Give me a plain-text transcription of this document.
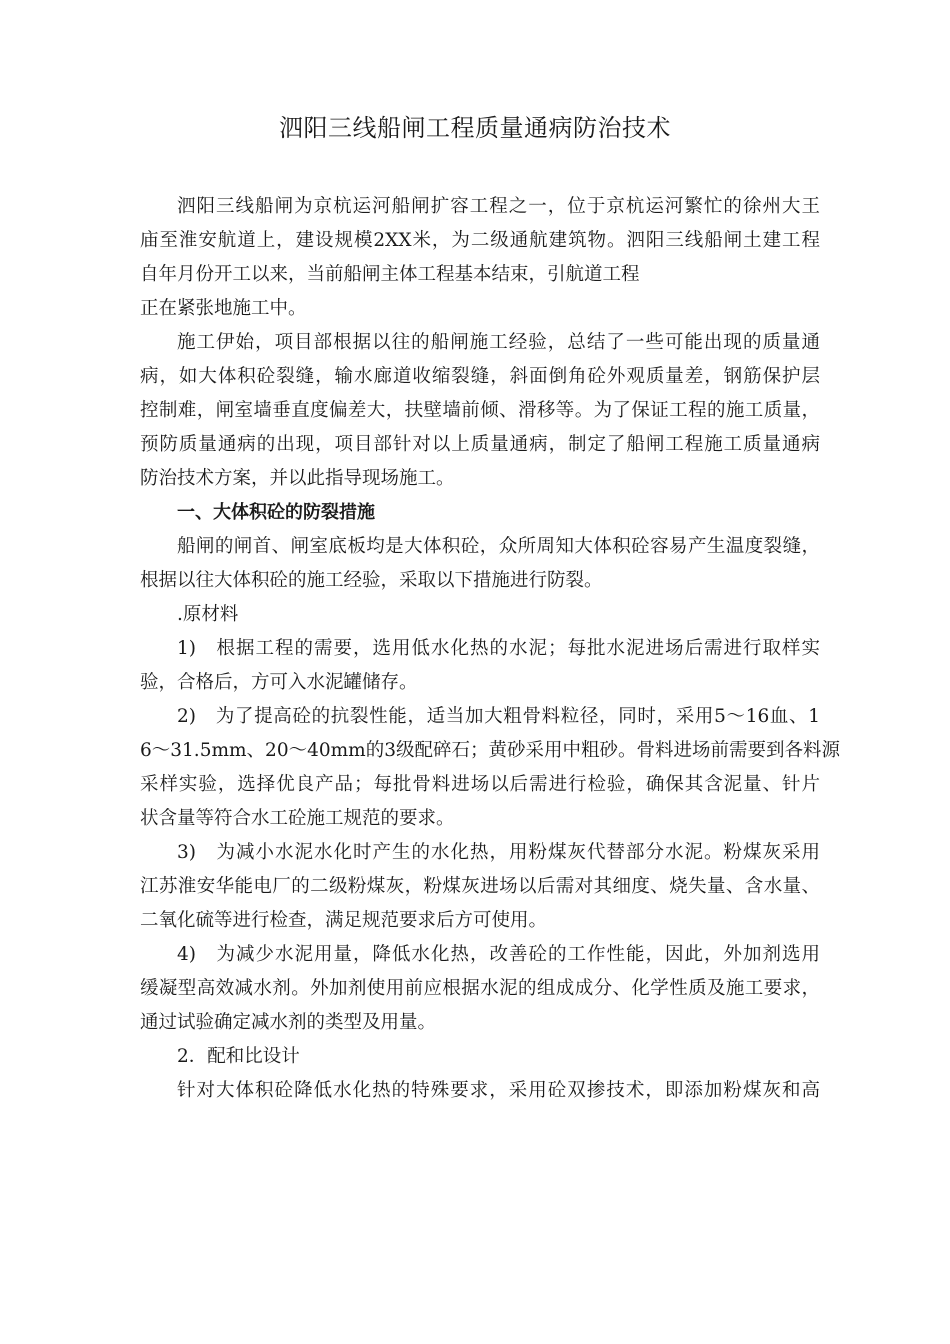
泗阳三线船闸工程质量通病防治技术
泗阳三线船闸为京杭运河船闸扩容工程之一，位于京杭运河繁忙的徐州大王
庙至淮安航道上，建设规模2XX米，为二级通航建筑物。泗阳三线船闸土建工程
自年月份开工以来，当前船闸主体工程基本结束，引航道工程
正在紧张地施工中。
施工伊始，项目部根据以往的船闸施工经验，总结了一些可能出现的质量通
病，如大体积砼裂缝，输水廊道收缩裂缝，斜面倒角砼外观质量差，钢筋保护层
控制难，闸室墙垂直度偏差大，扶壁墙前倾、滑移等。为了保证工程的施工质量，
预防质量通病的出现，项目部针对以上质量通病，制定了船闸工程施工质量通病
防治技术方案，并以此指导现场施工。
一、大体积砼的防裂措施
船闸的闸首、闸室底板均是大体积砼，众所周知大体积砼容易产生温度裂缝，
根据以往大体积砼的施工经验，采取以下措施进行防裂。
.原材料
1)　根据工程的需要，选用低水化热的水泥；每批水泥进场后需进行取样实
验，合格后，方可入水泥罐储存。
2)　为了提高砼的抗裂性能，适当加大粗骨料粒径，同时，采用5〜16血、1
6〜31.5mm、20〜40mm的3级配碎石；黄砂采用中粗砂。骨料进场前需要到各料源
采样实验，选择优良产品；每批骨料进场以后需进行检验，确保其含泥量、针片
状含量等符合水工砼施工规范的要求。
3)　为减小水泥水化时产生的水化热，用粉煤灰代替部分水泥。粉煤灰采用
江苏淮安华能电厂的二级粉煤灰，粉煤灰进场以后需对其细度、烧失量、含水量、
二氧化硫等进行检查，满足规范要求后方可使用。
4)　为减少水泥用量，降低水化热，改善砼的工作性能，因此，外加剂选用
缓凝型高效减水剂。外加剂使用前应根据水泥的组成成分、化学性质及施工要求，
通过试验确定减水剂的类型及用量。
2．配和比设计
针对大体积砼降低水化热的特殊要求，采用砼双掺技术，即添加粉煤灰和高
